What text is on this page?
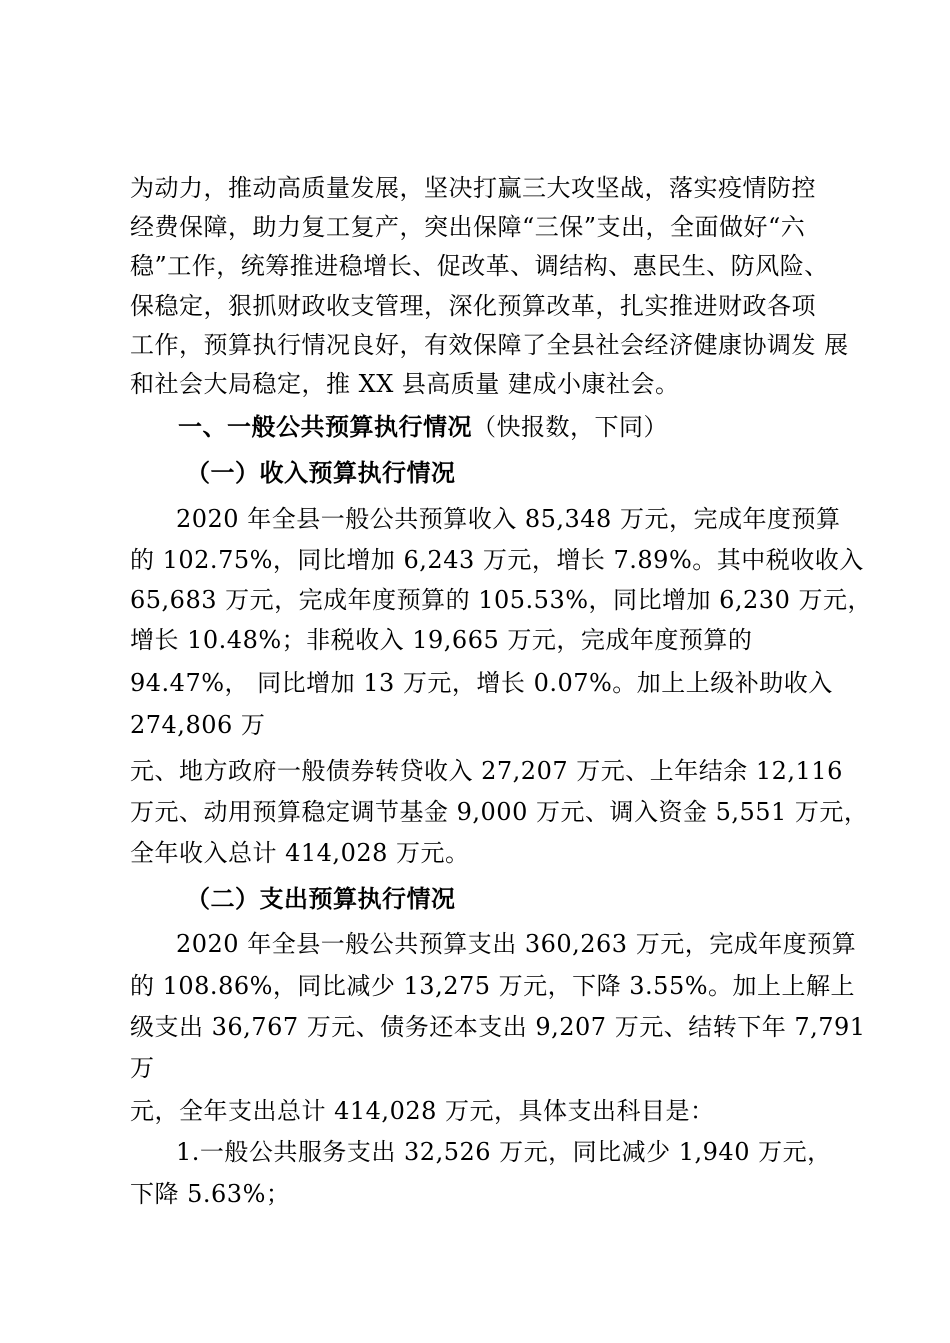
为动力，推动高质量发展，坚决打赢三大攻坚战，落实疫情防控
经费保障，助力复工复产，突出保障“三保”支出，全面做好“六
稳”工作，统筹推进稳增长、促改革、调结构、惠民生、防风险、
保稳定，狠抓财政收支管理，深化预算改革，扎实推进财政各项
工作，预算执行情况良好，有效保障了全县社会经济健康协调发 展
和社会大局稳定，推 XX 县高质量 建成小康社会。
一、一般公共预算执行情况（快报数，下同）
（一）收入预算执行情况
2020 年全县一般公共预算收入 85,348 万元，完成年度预算
的 102.75%，同比增加 6,243 万元，增长 7.89%。其中税收收入
65,683 万元，完成年度预算的 105.53%，同比增加 6,230 万元，
增长 10.48%；非税收入 19,665 万元，完成年度预算的
94.47%， 同比增加 13 万元，增长 0.07%。加上上级补助收入
274,806 万
元、地方政府一般债券转贷收入 27,207 万元、上年结余 12,116
万元、动用预算稳定调节基金 9,000 万元、调入资金 5,551 万元，
全年收入总计 414,028 万元。
（二）支出预算执行情况
2020 年全县一般公共预算支出 360,263 万元，完成年度预算
的 108.86%，同比减少 13,275 万元，下降 3.55%。加上上解上
级支出 36,767 万元、债务还本支出 9,207 万元、结转下年 7,791
万
元，全年支出总计 414,028 万元，具体支出科目是：
1.一般公共服务支出 32,526 万元，同比减少 1,940 万元，
下降 5.63%；
